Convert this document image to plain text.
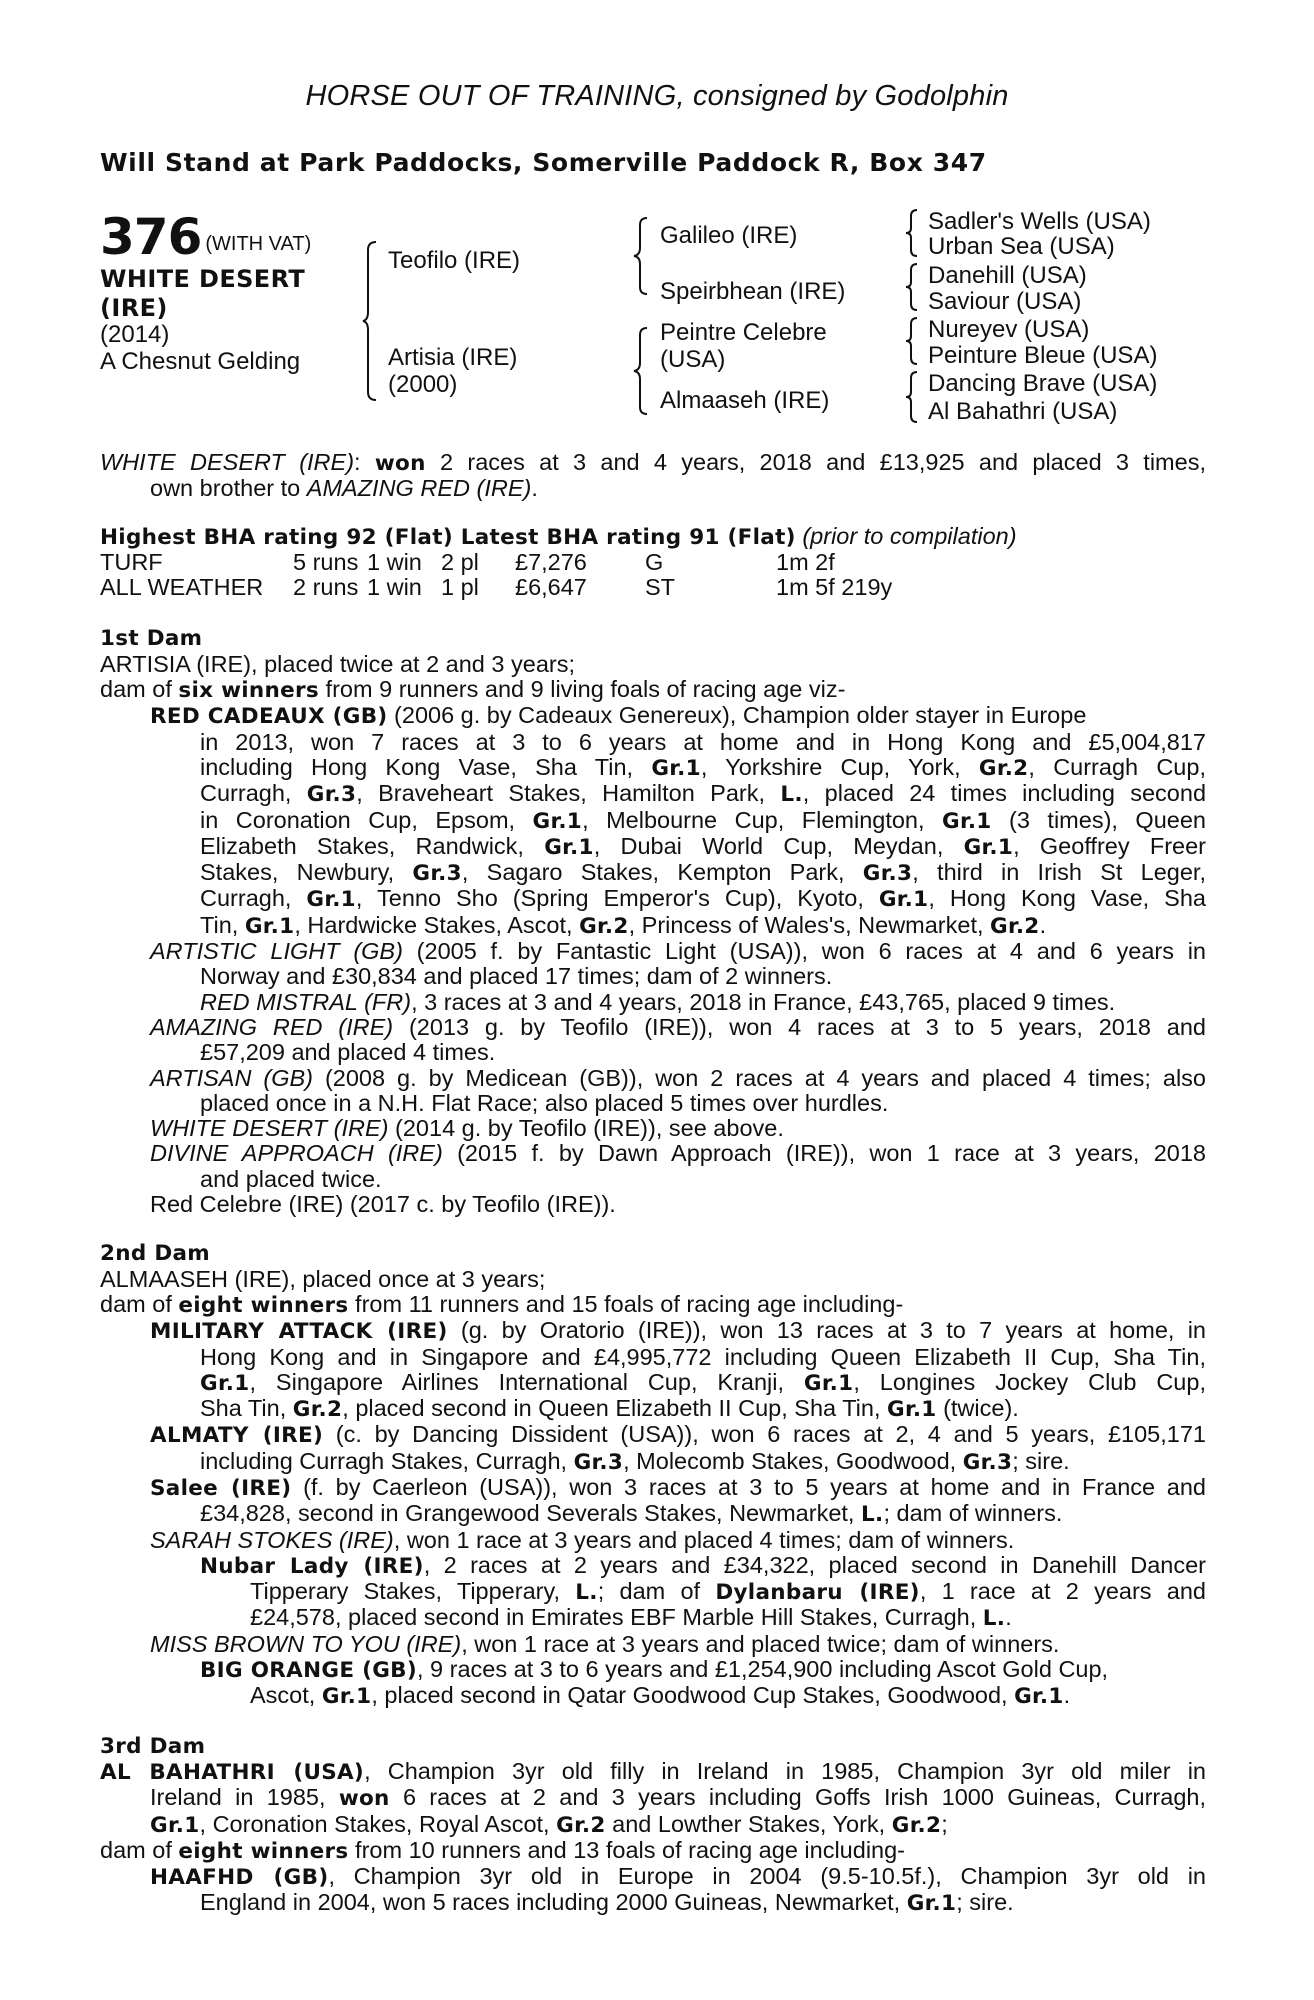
HORSE OUT OF TRAINING, consigned by Godolphin
Will Stand at Park Paddocks, Somerville Paddock R, Box 347
376 (WITH VAT)
WHITE DESERT
(IRE)
(2014)
A Chesnut Gelding
Teofilo (IRE)
Artisia (IRE)
(2000)
Galileo (IRE)
Speirbhean (IRE)
Peintre Celebre
(USA)
Almaaseh (IRE)
Sadler's Wells (USA)
Urban Sea (USA)
Danehill (USA)
Saviour (USA)
Nureyev (USA)
Peinture Bleue (USA)
Dancing Brave (USA)
Al Bahathri (USA)
WHITE DESERT (IRE): won 2 races at 3 and 4 years, 2018 and £13,925 and placed 3 times,
own brother to AMAZING RED (IRE).
Highest BHA rating 92 (Flat) Latest BHA rating 91 (Flat) (prior to compilation)
TURF	5 runs 1 win 2 pl	£7,276	G	1m 2f
ALL WEATHER	2 runs 1 win 1 pl	£6,647	ST	1m 5f 219y
1st Dam
ARTISIA (IRE), placed twice at 2 and 3 years;
dam of six winners from 9 runners and 9 living foals of racing age viz-
RED CADEAUX (GB) (2006 g. by Cadeaux Genereux), Champion older stayer in Europe
in 2013, won 7 races at 3 to 6 years at home and in Hong Kong and £5,004,817
including Hong Kong Vase, Sha Tin, Gr.1, Yorkshire Cup, York, Gr.2, Curragh Cup,
Curragh, Gr.3, Braveheart Stakes, Hamilton Park, L., placed 24 times including second
in Coronation Cup, Epsom, Gr.1, Melbourne Cup, Flemington, Gr.1 (3 times), Queen
Elizabeth Stakes, Randwick, Gr.1, Dubai World Cup, Meydan, Gr.1, Geoffrey Freer
Stakes, Newbury, Gr.3, Sagaro Stakes, Kempton Park, Gr.3, third in Irish St Leger,
Curragh, Gr.1, Tenno Sho (Spring Emperor's Cup), Kyoto, Gr.1, Hong Kong Vase, Sha
Tin, Gr.1, Hardwicke Stakes, Ascot, Gr.2, Princess of Wales's, Newmarket, Gr.2.
ARTISTIC LIGHT (GB) (2005 f. by Fantastic Light (USA)), won 6 races at 4 and 6 years in
Norway and £30,834 and placed 17 times; dam of 2 winners.
RED MISTRAL (FR), 3 races at 3 and 4 years, 2018 in France, £43,765, placed 9 times.
AMAZING RED (IRE) (2013 g. by Teofilo (IRE)), won 4 races at 3 to 5 years, 2018 and
£57,209 and placed 4 times.
ARTISAN (GB) (2008 g. by Medicean (GB)), won 2 races at 4 years and placed 4 times; also
placed once in a N.H. Flat Race; also placed 5 times over hurdles.
WHITE DESERT (IRE) (2014 g. by Teofilo (IRE)), see above.
DIVINE APPROACH (IRE) (2015 f. by Dawn Approach (IRE)), won 1 race at 3 years, 2018
and placed twice.
Red Celebre (IRE) (2017 c. by Teofilo (IRE)).
2nd Dam
ALMAASEH (IRE), placed once at 3 years;
dam of eight winners from 11 runners and 15 foals of racing age including-
MILITARY ATTACK (IRE) (g. by Oratorio (IRE)), won 13 races at 3 to 7 years at home, in
Hong Kong and in Singapore and £4,995,772 including Queen Elizabeth II Cup, Sha Tin,
Gr.1, Singapore Airlines International Cup, Kranji, Gr.1, Longines Jockey Club Cup,
Sha Tin, Gr.2, placed second in Queen Elizabeth II Cup, Sha Tin, Gr.1 (twice).
ALMATY (IRE) (c. by Dancing Dissident (USA)), won 6 races at 2, 4 and 5 years, £105,171
including Curragh Stakes, Curragh, Gr.3, Molecomb Stakes, Goodwood, Gr.3; sire.
Salee (IRE) (f. by Caerleon (USA)), won 3 races at 3 to 5 years at home and in France and
£34,828, second in Grangewood Severals Stakes, Newmarket, L.; dam of winners.
SARAH STOKES (IRE), won 1 race at 3 years and placed 4 times; dam of winners.
Nubar Lady (IRE), 2 races at 2 years and £34,322, placed second in Danehill Dancer
Tipperary Stakes, Tipperary, L.; dam of Dylanbaru (IRE), 1 race at 2 years and
£24,578, placed second in Emirates EBF Marble Hill Stakes, Curragh, L..
MISS BROWN TO YOU (IRE), won 1 race at 3 years and placed twice; dam of winners.
BIG ORANGE (GB), 9 races at 3 to 6 years and £1,254,900 including Ascot Gold Cup,
Ascot, Gr.1, placed second in Qatar Goodwood Cup Stakes, Goodwood, Gr.1.
3rd Dam
AL BAHATHRI (USA), Champion 3yr old filly in Ireland in 1985, Champion 3yr old miler in
Ireland in 1985, won 6 races at 2 and 3 years including Goffs Irish 1000 Guineas, Curragh,
Gr.1, Coronation Stakes, Royal Ascot, Gr.2 and Lowther Stakes, York, Gr.2;
dam of eight winners from 10 runners and 13 foals of racing age including-
HAAFHD (GB), Champion 3yr old in Europe in 2004 (9.5-10.5f.), Champion 3yr old in
England in 2004, won 5 races including 2000 Guineas, Newmarket, Gr.1; sire.
